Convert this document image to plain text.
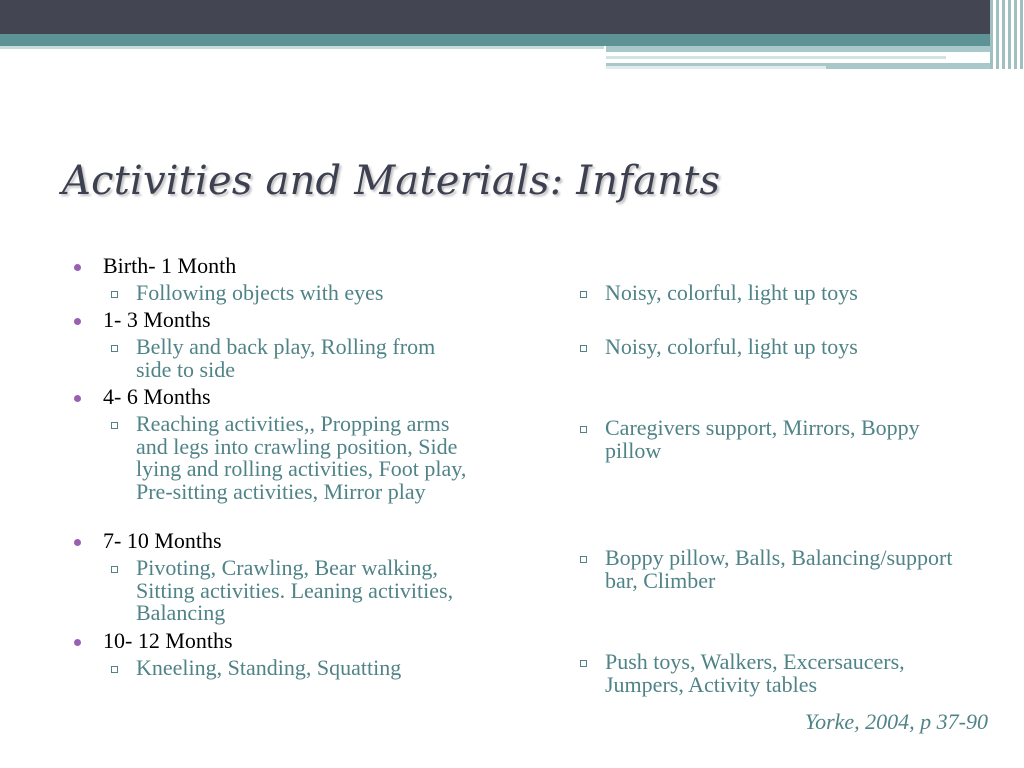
Activities and Materials: Infants
Birth- 1 Month
Following objects with eyes
1- 3 Months
Belly and back play, Rolling from side to side
4- 6 Months
Reaching activities,, Propping arms and legs into crawling position, Side lying and rolling activities, Foot play, Pre-sitting activities, Mirror play
7- 10 Months
Pivoting, Crawling, Bear walking, Sitting activities. Leaning activities, Balancing
10- 12 Months
Kneeling, Standing, Squatting
Noisy, colorful, light up toys
Noisy, colorful, light up toys
Caregivers support, Mirrors, Boppy pillow
Boppy pillow, Balls, Balancing/support bar, Climber
Push toys, Walkers, Excersaucers, Jumpers, Activity tables
Yorke, 2004, p 37-90
